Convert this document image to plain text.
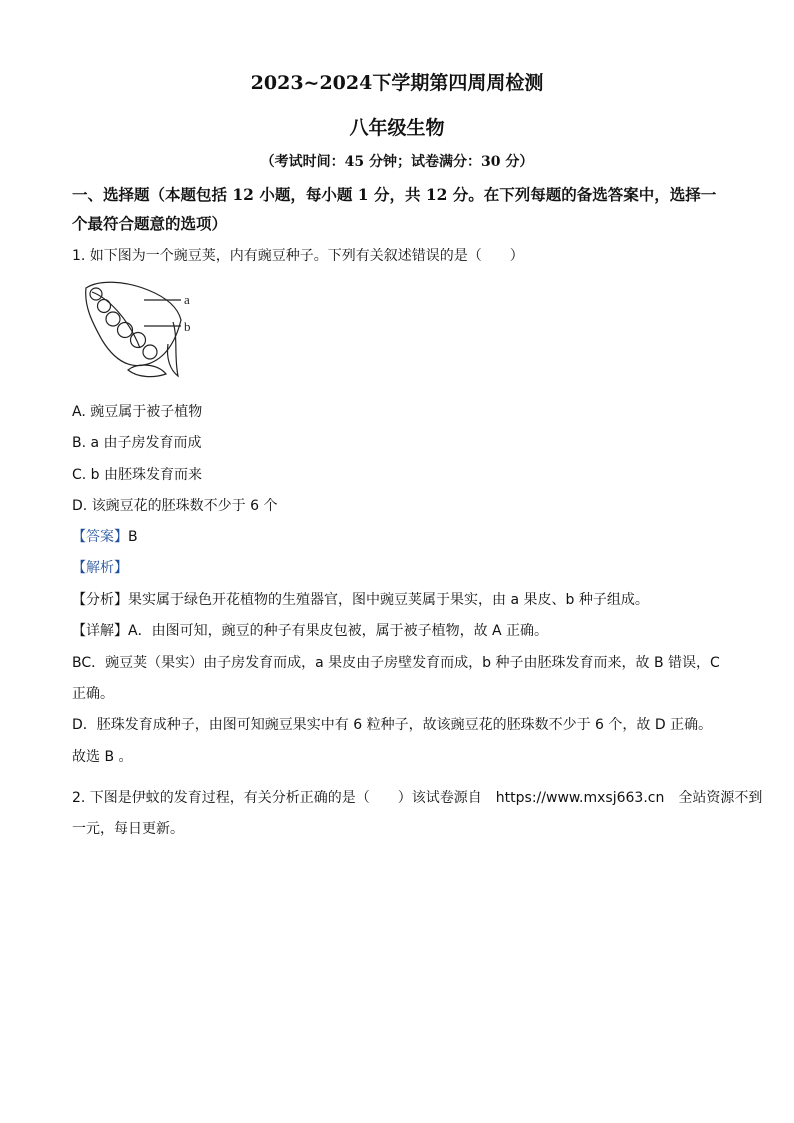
2023~2024下学期第四周周检测
八年级生物
（考试时间：45 分钟；试卷满分：30 分）
一、选择题（本题包括 12 小题，每小题 1 分，共 12 分。在下列每题的备选答案中，选择一
个最符合题意的选项）
1. 如下图为一个豌豆荚，内有豌豆种子。下列有关叙述错误的是（　　）
a
b
A. 豌豆属于被子植物
B. a 由子房发育而成
C. b 由胚珠发育而来
D. 该豌豆花的胚珠数不少于 6 个
【答案】B
【解析】
【分析】果实属于绿色开花植物的生殖器官，图中豌豆荚属于果实，由 a 果皮、b 种子组成。
【详解】A．由图可知，豌豆的种子有果皮包被，属于被子植物，故 A 正确。
BC．豌豆荚（果实）由子房发育而成，a 果皮由子房壁发育而成，b 种子由胚珠发育而来，故 B 错误，C
正确。
D．胚珠发育成种子，由图可知豌豆果实中有 6 粒种子，故该豌豆花的胚珠数不少于 6 个，故 D 正确。
故选 B 。
2. 下图是伊蚊的发育过程，有关分析正确的是（　　）该试卷源自　https://www.mxsj663.cn　全站资源不到
一元，每日更新。
